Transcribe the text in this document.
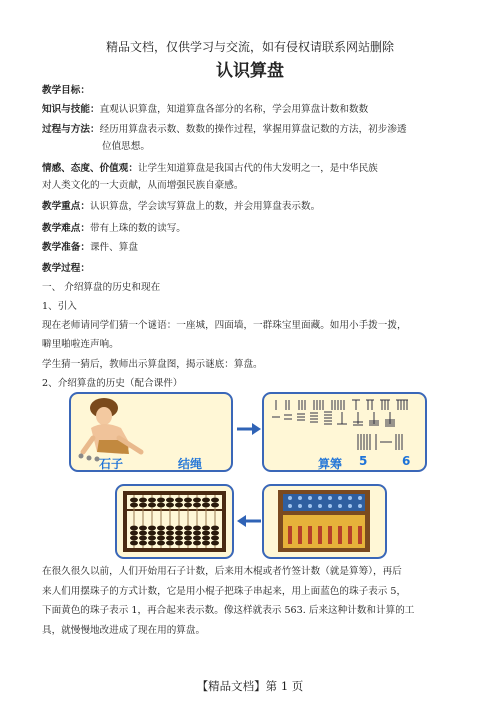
精品文档，仅供学习与交流，如有侵权请联系网站删除
认识算盘
教学目标：
知识与技能：直观认识算盘，知道算盘各部分的名称，学会用算盘计数和数数
过程与方法：经历用算盘表示数、数数的操作过程，掌握用算盘记数的方法，初步渗透
位值思想。
情感、态度、价值观：让学生知道算盘是我国古代的伟大发明之一，是中华民族
对人类文化的一大贡献，从而增强民族自豪感。
教学重点：认识算盘，学会读写算盘上的数，并会用算盘表示数。
教学难点：带有上珠的数的读写。
教学准备：课件、算盘
教学过程：
一、 介绍算盘的历史和现在
1、引入
现在老师请同学们猜一个谜语：一座城，四面墙，一群珠宝里面藏。如用小手拨一拨，
噼里啪啦连声响。
学生猜一猜后，教师出示算盘图，揭示谜底：算盘。
2、介绍算盘的历史（配合课件）
石子	结绳	算筹 5	6
在很久很久以前，人们开始用石子计数，后来用木棍或者竹签计数（就是算筹），再后
来人们用摆珠子的方式计数，它是用小棍子把珠子串起来，用上面蓝色的珠子表示 5，
下面黄色的珠子表示 1，再合起来表示数。像这样就表示 563. 后来这种计数和计算的工
具，就慢慢地改进成了现在用的算盘。
【精品文档】第 1 页
